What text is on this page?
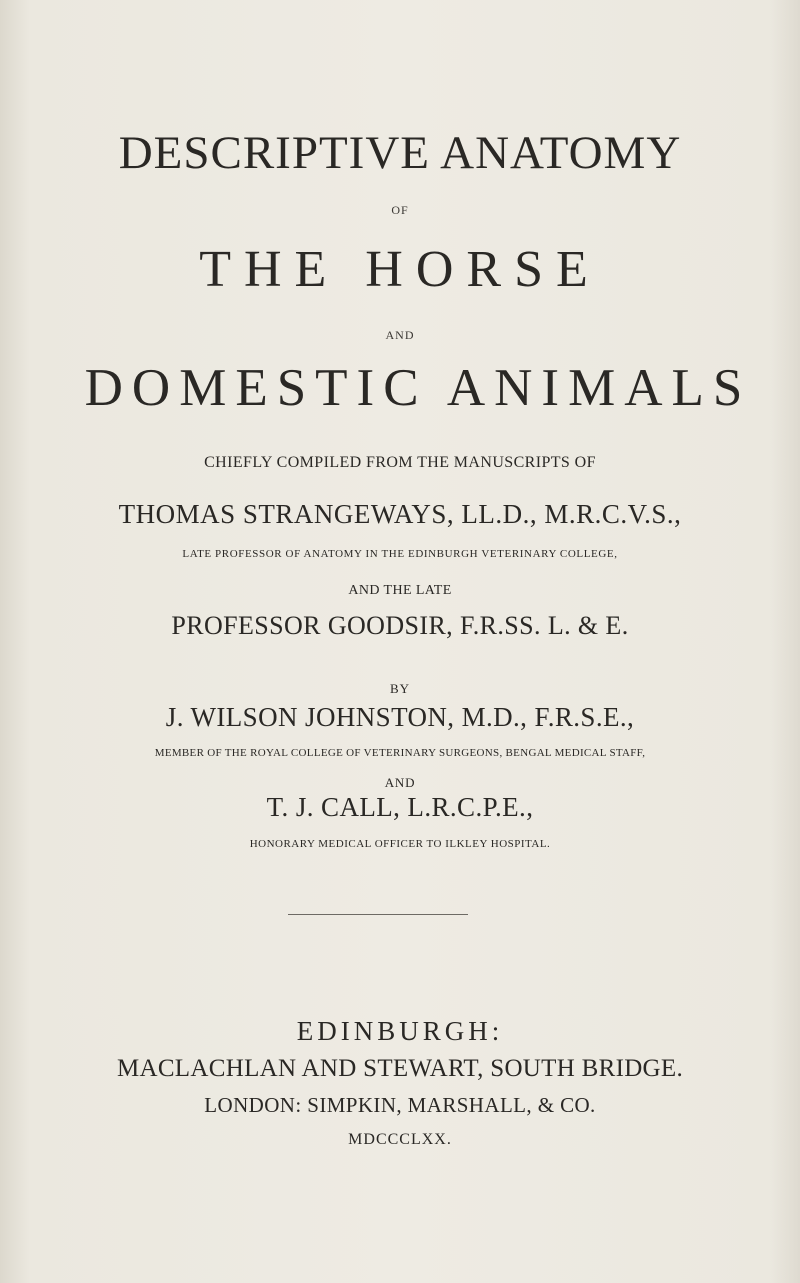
DESCRIPTIVE ANATOMY
OF
THE HORSE
AND
DOMESTIC ANIMALS
CHIEFLY COMPILED FROM THE MANUSCRIPTS OF
THOMAS STRANGEWAYS, LL.D., M.R.C.V.S.,
LATE PROFESSOR OF ANATOMY IN THE EDINBURGH VETERINARY COLLEGE,
AND THE LATE
PROFESSOR GOODSIR, F.R.SS. L. & E.
BY
J. WILSON JOHNSTON, M.D., F.R.S.E.,
MEMBER OF THE ROYAL COLLEGE OF VETERINARY SURGEONS, BENGAL MEDICAL STAFF,
AND
T. J. CALL, L.R.C.P.E.,
HONORARY MEDICAL OFFICER TO ILKLEY HOSPITAL.
EDINBURGH:
MACLACHLAN AND STEWART, SOUTH BRIDGE.
LONDON: SIMPKIN, MARSHALL, & CO.
MDCCCLXX.
